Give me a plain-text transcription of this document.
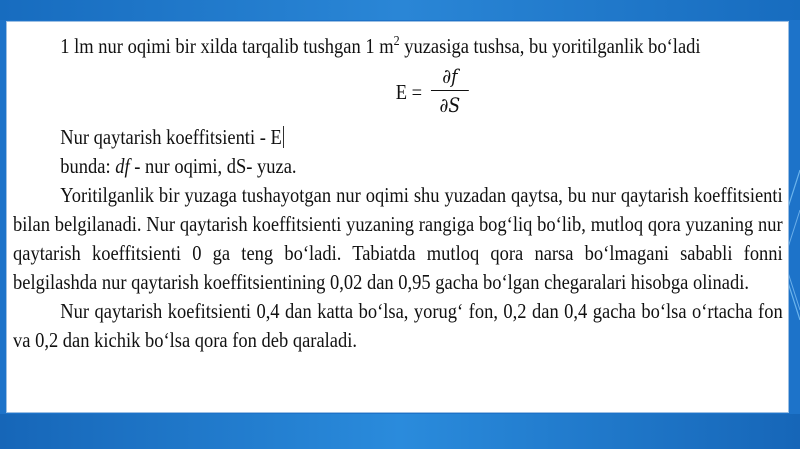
1 lm nur oqimi bir xilda tarqalib tushgan 1 $m^2$ yuzasiga tushsa, bu yoritilganlik bo‘ladi

E =
∂f
∂S

Nur qaytarish koeffitsienti - E

bunda: df - nur oqimi, dS- yuza.

Yoritilganlik bir yuzaga tushayotgan nur oqimi shu yuzadan qaytsa, bu nur qaytarish koeffitsienti bilan belgilanadi. Nur qaytarish koeffitsienti yuzaning rangiga bog‘liq bo‘lib, mutloq qora yuzaning nur qaytarish koeffitsienti 0 ga teng bo‘ladi. Tabiatda mutloq qora narsa bo‘lmagani sababli fonni belgilashda nur qaytarish koeffitsientining 0,02 dan 0,95 gacha bo‘lgan chegaralari hisobga olinadi.

Nur qaytarish koefitsienti 0,4 dan katta bo‘lsa, yorug‘ fon, 0,2 dan 0,4 gacha bo‘lsa o‘rtacha fon va 0,2 dan kichik bo‘lsa qora fon deb qaraladi.
